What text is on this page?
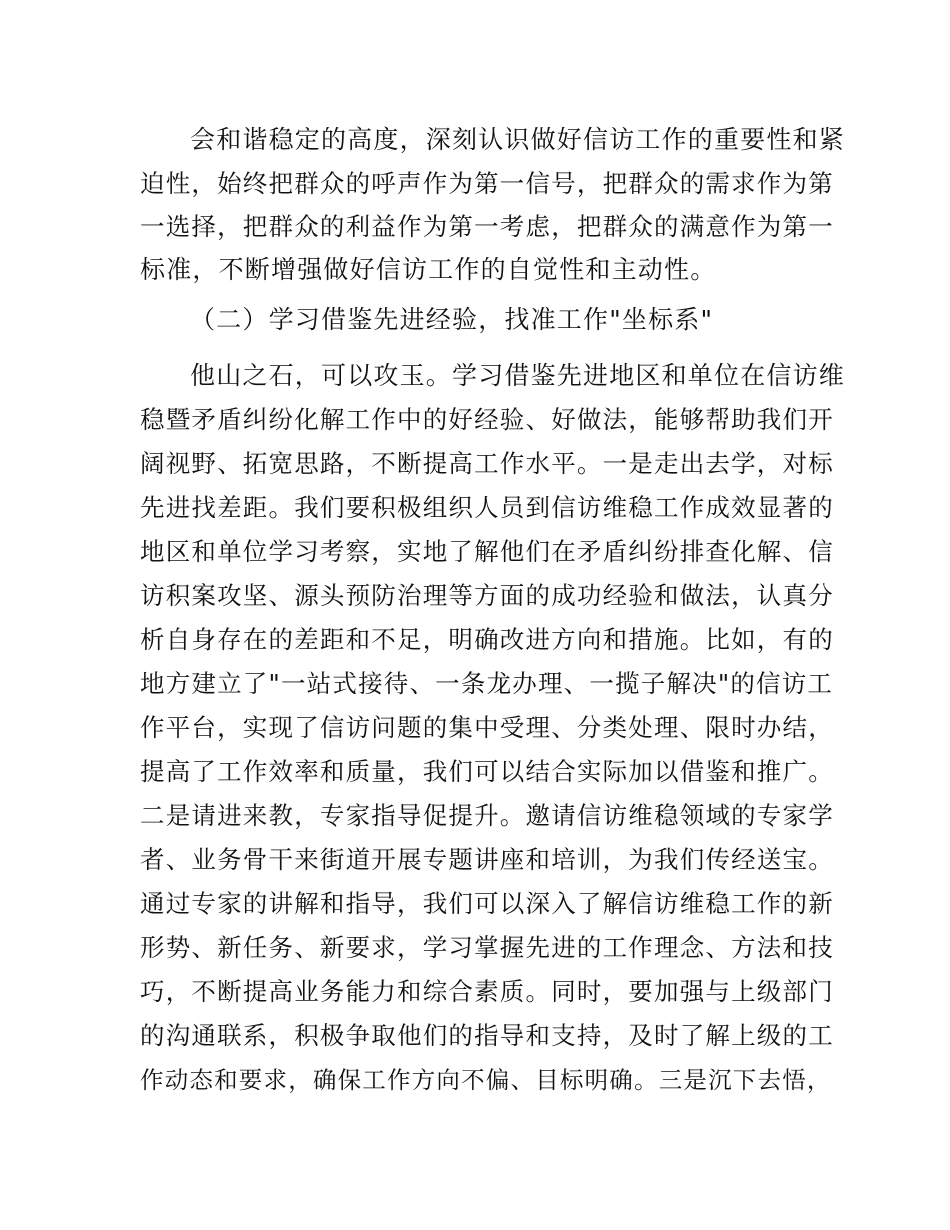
会和谐稳定的高度，深刻认识做好信访工作的重要性和紧
迫性，始终把群众的呼声作为第一信号，把群众的需求作为第
一选择，把群众的利益作为第一考虑，把群众的满意作为第一
标准，不断增强做好信访工作的自觉性和主动性。
（二）学习借鉴先进经验，找准工作"坐标系"
他山之石，可以攻玉。学习借鉴先进地区和单位在信访维
稳暨矛盾纠纷化解工作中的好经验、好做法，能够帮助我们开
阔视野、拓宽思路，不断提高工作水平。一是走出去学，对标
先进找差距。我们要积极组织人员到信访维稳工作成效显著的
地区和单位学习考察，实地了解他们在矛盾纠纷排查化解、信
访积案攻坚、源头预防治理等方面的成功经验和做法，认真分
析自身存在的差距和不足，明确改进方向和措施。比如，有的
地方建立了"一站式接待、一条龙办理、一揽子解决"的信访工
作平台，实现了信访问题的集中受理、分类处理、限时办结，
提高了工作效率和质量，我们可以结合实际加以借鉴和推广。
二是请进来教，专家指导促提升。邀请信访维稳领域的专家学
者、业务骨干来街道开展专题讲座和培训，为我们传经送宝。
通过专家的讲解和指导，我们可以深入了解信访维稳工作的新
形势、新任务、新要求，学习掌握先进的工作理念、方法和技
巧，不断提高业务能力和综合素质。同时，要加强与上级部门
的沟通联系，积极争取他们的指导和支持，及时了解上级的工
作动态和要求，确保工作方向不偏、目标明确。三是沉下去悟，
